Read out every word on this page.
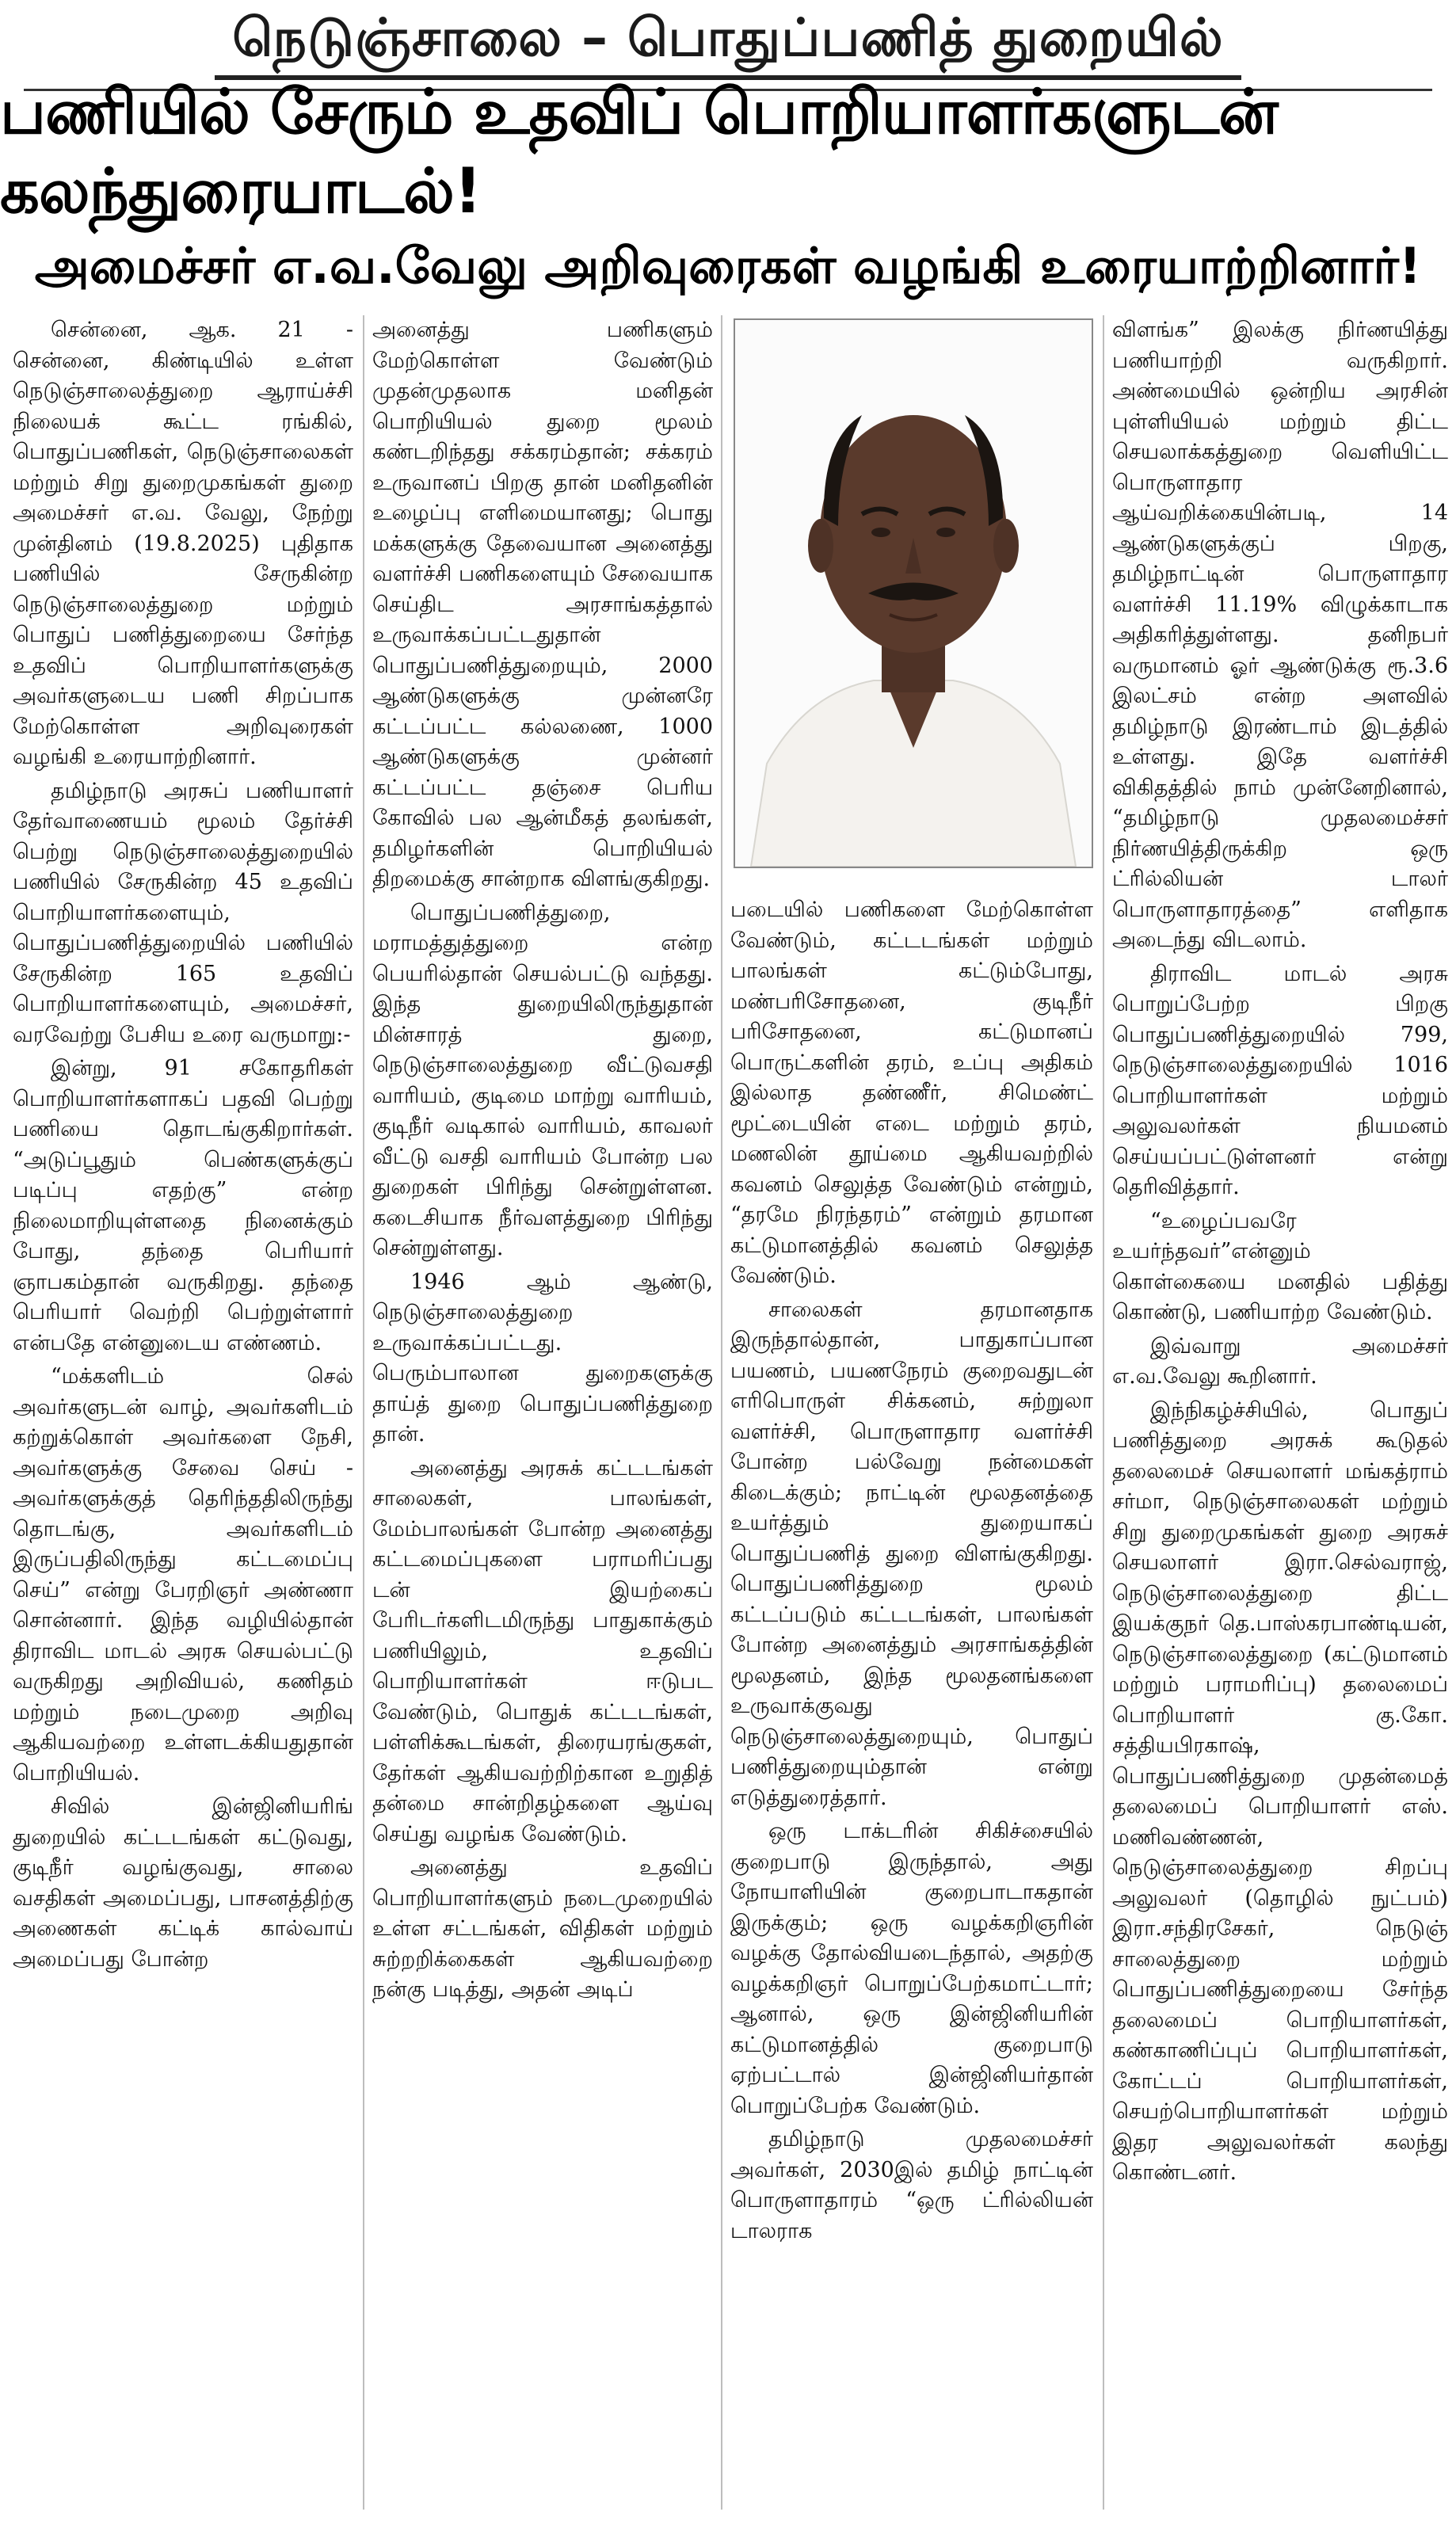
நெடுஞ்சாலை – பொதுப்பணித் துறையில்
பணியில் சேரும் உதவிப் பொறியாளர்களுடன் கலந்துரையாடல்!
அமைச்சர் எ.வ.வேலு அறிவுரைகள் வழங்கி உரையாற்றினார்!

சென்னை, ஆக. 21 - சென்னை, கிண்டியில் உள்ள நெடுஞ்சாலைத்துறை ஆராய்ச்சி நிலையக் கூட்ட ரங்கில், பொதுப்பணிகள், நெடுஞ்சாலைகள் மற்றும் சிறு துறைமுகங்கள் துறை அமைச்சர் எ.வ. வேலு, நேற்று முன்தினம் (19.8.2025) புதிதாக பணியில் சேருகின்ற நெடுஞ்சாலைத்துறை மற்றும் பொதுப் பணித்துறையை சேர்ந்த உதவிப் பொறியாளர்களுக்கு அவர்களுடைய பணி சிறப்பாக மேற்கொள்ள அறிவுரைகள் வழங்கி உரையாற்றினார்.

தமிழ்நாடு அரசுப் பணியாளர் தேர்வாணையம் மூலம் தேர்ச்சி பெற்று நெடுஞ்சாலைத்துறையில் பணியில் சேருகின்ற 45 உதவிப் பொறியாளர்களையும், பொதுப்பணித்துறையில் பணியில் சேருகின்ற 165 உதவிப் பொறியாளர்களையும், அமைச்சர், வரவேற்று பேசிய உரை வருமாறு:-

இன்று, 91 சகோதரிகள் பொறியாளர்களாகப் பதவி பெற்று பணியை தொடங்குகிறார்கள். “அடுப்பூதும் பெண்களுக்குப் படிப்பு எதற்கு” என்ற நிலைமாறியுள்ளதை நினைக்கும் போது, தந்தை பெரியார் ஞாபகம்தான் வருகிறது. தந்தை பெரியார் வெற்றி பெற்றுள்ளார் என்பதே என்னுடைய எண்ணம்.

“மக்களிடம் செல் அவர்களுடன் வாழ், அவர்களிடம் கற்றுக்கொள் அவர்களை நேசி, அவர்களுக்கு சேவை செய் - அவர்களுக்குத் தெரிந்ததிலிருந்து தொடங்கு, அவர்களிடம் இருப்பதிலிருந்து கட்டமைப்பு செய்” என்று பேரறிஞர் அண்ணா சொன்னார். இந்த வழியில்தான் திராவிட மாடல் அரசு செயல்பட்டு வருகிறது அறிவியல், கணிதம் மற்றும் நடைமுறை அறிவு ஆகியவற்றை உள்ளடக்கியதுதான் பொறியியல்.

சிவில் இன்ஜினியரிங் துறையில் கட்டடங்கள் கட்டுவது, குடிநீர் வழங்குவது, சாலை வசதிகள் அமைப்பது, பாசனத்திற்கு அணைகள் கட்டிக் கால்வாய் அமைப்பது போன்ற

அனைத்து பணிகளும் மேற்கொள்ள வேண்டும் முதன்முதலாக மனிதன் பொறியியல் துறை மூலம் கண்டறிந்தது சக்கரம்தான்; சக்கரம் உருவானப் பிறகு தான் மனிதனின் உழைப்பு எளிமையானது; பொது மக்களுக்கு தேவையான அனைத்து வளர்ச்சி பணிகளையும் சேவையாக செய்திட அரசாங்கத்தால் உருவாக்கப்பட்டதுதான் பொதுப்பணித்துறையும், 2000 ஆண்டுகளுக்கு முன்னரே கட்டப்பட்ட கல்லணை, 1000 ஆண்டுகளுக்கு முன்னர் கட்டப்பட்ட தஞ்சை பெரிய கோவில் பல ஆன்மீகத் தலங்கள், தமிழர்களின் பொறியியல் திறமைக்கு சான்றாக விளங்குகிறது.

பொதுப்பணித்துறை, மராமத்துத்துறை என்ற பெயரில்தான் செயல்பட்டு வந்தது. இந்த துறையிலிருந்துதான் மின்சாரத் துறை, நெடுஞ்சாலைத்துறை வீட்டுவசதி வாரியம், குடிமை மாற்று வாரியம், குடிநீர் வடிகால் வாரியம், காவலர் வீட்டு வசதி வாரியம் போன்ற பல துறைகள் பிரிந்து சென்றுள்ளன. கடைசியாக நீர்வளத்துறை பிரிந்து சென்றுள்ளது.

1946 ஆம் ஆண்டு, நெடுஞ்சாலைத்துறை உருவாக்கப்பட்டது. பெரும்பாலான துறைகளுக்கு தாய்த் துறை பொதுப்பணித்துறை தான்.

அனைத்து அரசுக் கட்டடங்கள் சாலைகள், பாலங்கள், மேம்பாலங்கள் போன்ற அனைத்து கட்டமைப்புகளை பராமரிப்பது டன் இயற்கைப் பேரிடர்களிடமிருந்து பாதுகாக்கும் பணியிலும், உதவிப் பொறியாளர்கள் ஈடுபட வேண்டும், பொதுக் கட்டடங்கள், பள்ளிக்கூடங்கள், திரையரங்குகள், தேர்கள் ஆகியவற்றிற்கான உறுதித் தன்மை சான்றிதழ்களை ஆய்வு செய்து வழங்க வேண்டும்.

அனைத்து உதவிப் பொறியாளர்களும் நடைமுறையில் உள்ள சட்டங்கள், விதிகள் மற்றும் சுற்றறிக்கைகள் ஆகியவற்றை நன்கு படித்து, அதன் அடிப்

படையில் பணிகளை மேற்கொள்ள வேண்டும், கட்டடங்கள் மற்றும் பாலங்கள் கட்டும்போது, மண்பரிசோதனை, குடிநீர் பரிசோதனை, கட்டுமானப் பொருட்களின் தரம், உப்பு அதிகம் இல்லாத தண்ணீர், சிமெண்ட் மூட்டையின் எடை மற்றும் தரம், மணலின் தூய்மை ஆகியவற்றில் கவனம் செலுத்த வேண்டும் என்றும், “தரமே நிரந்தரம்” என்றும் தரமான கட்டுமானத்தில் கவனம் செலுத்த வேண்டும்.

சாலைகள் தரமானதாக இருந்தால்தான், பாதுகாப்பான பயணம், பயணநேரம் குறைவதுடன் எரிபொருள் சிக்கனம், சுற்றுலா வளர்ச்சி, பொருளாதார வளர்ச்சி போன்ற பல்வேறு நன்மைகள் கிடைக்கும்; நாட்டின் மூலதனத்தை உயர்த்தும் துறையாகப் பொதுப்பணித் துறை விளங்குகிறது. பொதுப்பணித்துறை மூலம் கட்டப்படும் கட்டடங்கள், பாலங்கள் போன்ற அனைத்தும் அரசாங்கத்தின் மூலதனம், இந்த மூலதனங்களை உருவாக்குவது நெடுஞ்சாலைத்துறையும், பொதுப் பணித்துறையும்தான் என்று எடுத்துரைத்தார்.

ஒரு டாக்டரின் சிகிச்சையில் குறைபாடு இருந்தால், அது நோயாளியின் குறைபாடாகதான் இருக்கும்; ஒரு வழக்கறிஞரின் வழக்கு தோல்வியடைந்தால், அதற்கு வழக்கறிஞர் பொறுப்பேற்கமாட்டார்; ஆனால், ஒரு இன்ஜினியரின் கட்டுமானத்தில் குறைபாடு ஏற்பட்டால் இன்ஜினியர்தான் பொறுப்பேற்க வேண்டும்.

தமிழ்நாடு முதலமைச்சர் அவர்கள், 2030இல் தமிழ் நாட்டின் பொருளாதாரம் “ஒரு ட்ரில்லியன் டாலராக

விளங்க” இலக்கு நிர்ணயித்து பணியாற்றி வருகிறார். அண்மையில் ஒன்றிய அரசின் புள்ளியியல் மற்றும் திட்ட செயலாக்கத்துறை வெளியிட்ட பொருளாதார ஆய்வறிக்கையின்படி, 14 ஆண்டுகளுக்குப் பிறகு, தமிழ்நாட்டின் பொருளாதார வளர்ச்சி 11.19% விழுக்காடாக அதிகரித்துள்ளது. தனிநபர் வருமானம் ஓர் ஆண்டுக்கு ரூ.3.6 இலட்சம் என்ற அளவில் தமிழ்நாடு இரண்டாம் இடத்தில் உள்ளது. இதே வளர்ச்சி விகிதத்தில் நாம் முன்னேறினால், “தமிழ்நாடு முதலமைச்சர் நிர்ணயித்திருக்கிற ஒரு ட்ரில்லியன் டாலர் பொருளாதாரத்தை” எளிதாக அடைந்து விடலாம்.

திராவிட மாடல் அரசு பொறுப்பேற்ற பிறகு பொதுப்பணித்துறையில் 799, நெடுஞ்சாலைத்துறையில் 1016 பொறியாளர்கள் மற்றும் அலுவலர்கள் நியமனம் செய்யப்பட்டுள்ளனர் என்று தெரிவித்தார்.

“உழைப்பவரே உயர்ந்தவர்”என்னும் கொள்கையை மனதில் பதித்து கொண்டு, பணியாற்ற வேண்டும்.

இவ்வாறு அமைச்சர் எ.வ.வேலு கூறினார்.

இந்நிகழ்ச்சியில், பொதுப் பணித்துறை அரசுக் கூடுதல் தலைமைச் செயலாளர் மங்கத்ராம் சர்மா, நெடுஞ்சாலைகள் மற்றும் சிறு துறைமுகங்கள் துறை அரசுச் செயலாளர் இரா.செல்வராஜ், நெடுஞ்சாலைத்துறை திட்ட இயக்குநர் தெ.பாஸ்கரபாண்டியன், நெடுஞ்சாலைத்துறை (கட்டுமானம் மற்றும் பராமரிப்பு) தலைமைப் பொறியாளர் கு.கோ. சத்தியபிரகாஷ், பொதுப்பணித்துறை முதன்மைத் தலைமைப் பொறியாளர் எஸ். மணிவண்ணன், நெடுஞ்சாலைத்துறை சிறப்பு அலுவலர் (தொழில் நுட்பம்) இரா.சந்திரசேகர், நெடுஞ் சாலைத்துறை மற்றும் பொதுப்பணித்துறையை சேர்ந்த தலைமைப் பொறியாளர்கள், கண்காணிப்புப் பொறியாளர்கள், கோட்டப் பொறியாளர்கள், செயற்பொறியாளர்கள் மற்றும் இதர அலுவலர்கள் கலந்து கொண்டனர்.
